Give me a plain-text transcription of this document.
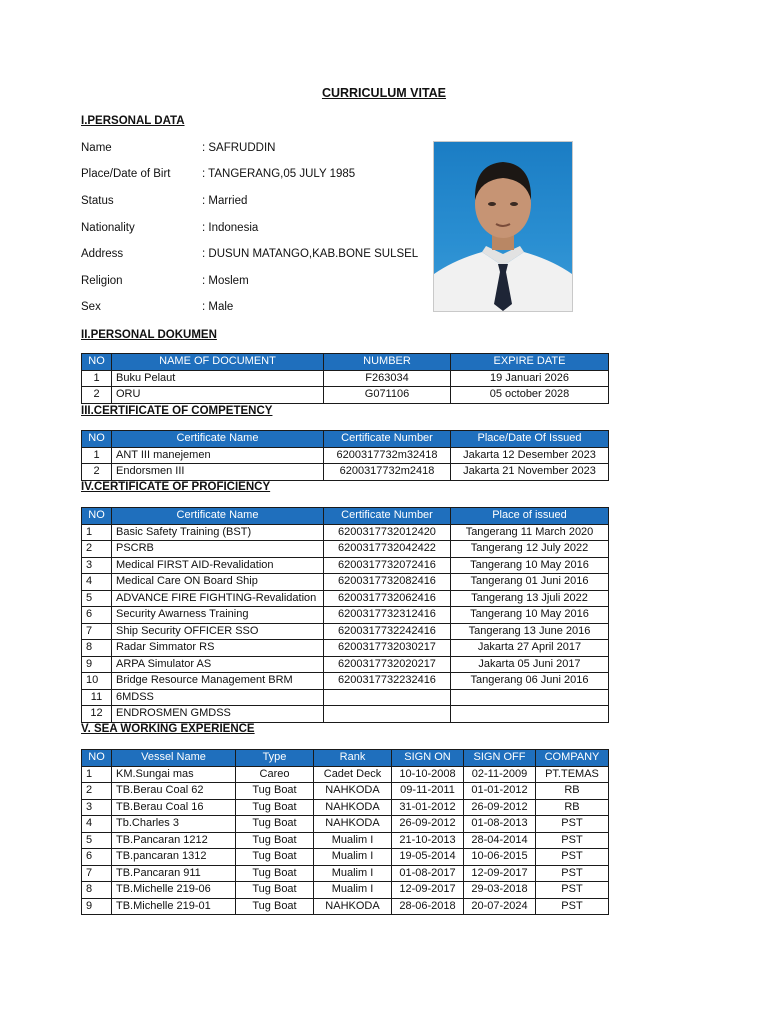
CURRICULUM VITAE
I.PERSONAL DATA
Name	: SAFRUDDIN
Place/Date of Birt	: TANGERANG,05 JULY 1985
Status	: Married
Nationality	: Indonesia
Address	: DUSUN MATANGO,KAB.BONE SULSEL
Religion	: Moslem
Sex	: Male
II.PERSONAL DOKUMEN
NO	NAME OF DOCUMENT	NUMBER	EXPIRE DATE
1	Buku Pelaut	F263034	19 Januari 2026
2	ORU	G071106	05 october 2028
III.CERTIFICATE OF COMPETENCY
NO	Certificate Name	Certificate Number	Place/Date Of Issued
1	ANT III manejemen	6200317732m32418	Jakarta 12 Desember 2023
2	Endorsmen III	6200317732m2418	Jakarta 21 November 2023
IV.CERTIFICATE OF PROFICIENCY
NO	Certificate Name	Certificate Number	Place of issued
1	Basic Safety Training (BST)	6200317732012420	Tangerang 11 March 2020
2	PSCRB	6200317732042422	Tangerang 12 July 2022
3	Medical FIRST AID-Revalidation	6200317732072416	Tangerang 10 May 2016
4	Medical Care ON Board Ship	6200317732082416	Tangerang 01 Juni 2016
5	ADVANCE FIRE FIGHTING-Revalidation	6200317732062416	Tangerang 13 Jjuli 2022
6	Security Awarness Training	6200317732312416	Tangerang 10 May 2016
7	Ship Security OFFICER SSO	6200317732242416	Tangerang 13 June 2016
8	Radar Simmator RS	6200317732030217	Jakarta 27 April 2017
9	ARPA Simulator AS	6200317732020217	Jakarta 05 Juni 2017
10	Bridge Resource Management BRM	6200317732232416	Tangerang 06 Juni 2016
11	6MDSS		
12	ENDROSMEN GMDSS		
V. SEA WORKING EXPERIENCE
NO	Vessel Name	Type	Rank	SIGN ON	SIGN OFF	COMPANY
1	KM.Sungai mas	Careo	Cadet Deck	10-10-2008	02-11-2009	PT.TEMAS
2	TB.Berau Coal 62	Tug Boat	NAHKODA	09-11-2011	01-01-2012	RB
3	TB.Berau Coal 16	Tug Boat	NAHKODA	31-01-2012	26-09-2012	RB
4	Tb.Charles 3	Tug Boat	NAHKODA	26-09-2012	01-08-2013	PST
5	TB.Pancaran 1212	Tug Boat	Mualim I	21-10-2013	28-04-2014	PST
6	TB.pancaran 1312	Tug Boat	Mualim I	19-05-2014	10-06-2015	PST
7	TB.Pancaran 911	Tug Boat	Mualim I	01-08-2017	12-09-2017	PST
8	TB.Michelle 219-06	Tug Boat	Mualim I	12-09-2017	29-03-2018	PST
9	TB.Michelle 219-01	Tug Boat	NAHKODA	28-06-2018	20-07-2024	PST
